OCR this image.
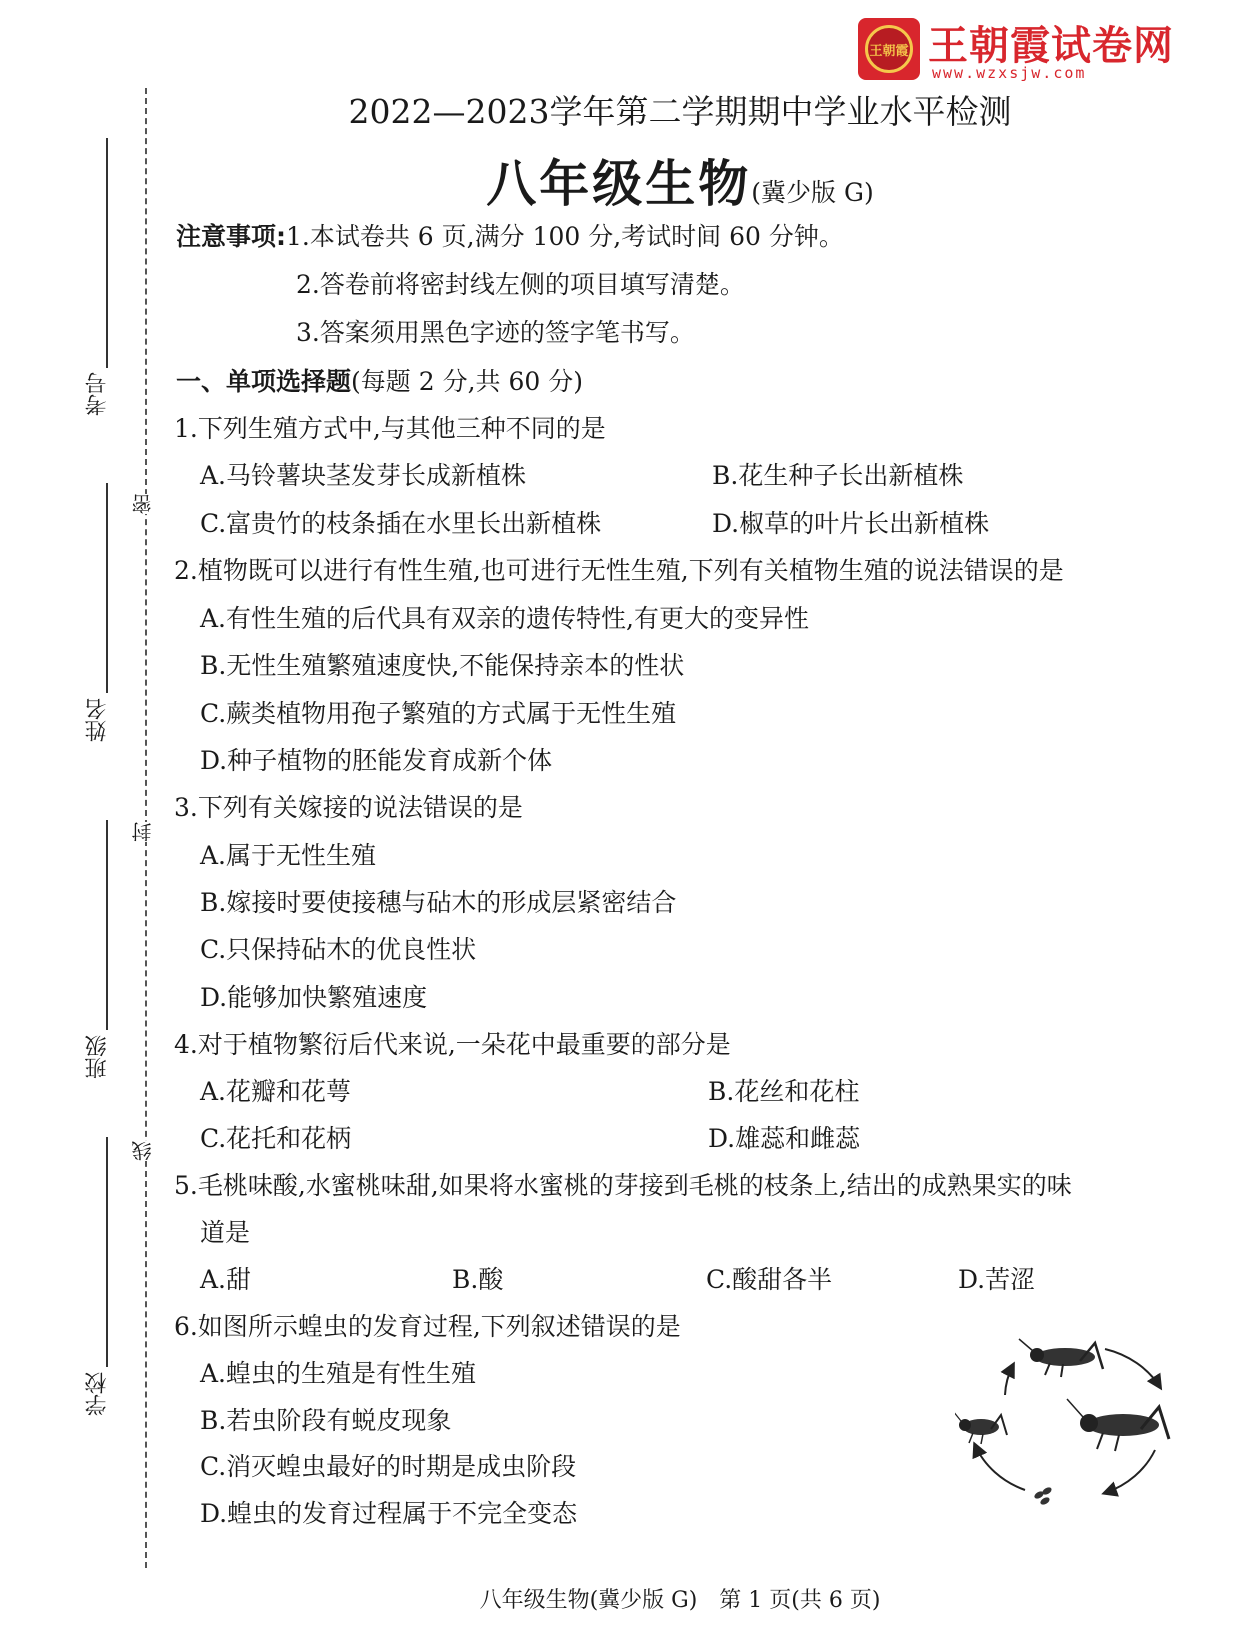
王朝霞 王朝霞试卷网
www.wzxsjw.com
考号
姓名
班级
学校
密
封
线
2022—2023学年第二学期期中学业水平检测
八年级生物(冀少版 G)
注意事项:1.本试卷共 6 页,满分 100 分,考试时间 60 分钟。
2.答卷前将密封线左侧的项目填写清楚。
3.答案须用黑色字迹的签字笔书写。
一、单项选择题(每题 2 分,共 60 分)
1.下列生殖方式中,与其他三种不同的是
A.马铃薯块茎发芽长成新植株	B.花生种子长出新植株
C.富贵竹的枝条插在水里长出新植株	D.椒草的叶片长出新植株
2.植物既可以进行有性生殖,也可进行无性生殖,下列有关植物生殖的说法错误的是
A.有性生殖的后代具有双亲的遗传特性,有更大的变异性
B.无性生殖繁殖速度快,不能保持亲本的性状
C.蕨类植物用孢子繁殖的方式属于无性生殖
D.种子植物的胚能发育成新个体
3.下列有关嫁接的说法错误的是
A.属于无性生殖
B.嫁接时要使接穗与砧木的形成层紧密结合
C.只保持砧木的优良性状
D.能够加快繁殖速度
4.对于植物繁衍后代来说,一朵花中最重要的部分是
A.花瓣和花萼	B.花丝和花柱
C.花托和花柄	D.雄蕊和雌蕊
5.毛桃味酸,水蜜桃味甜,如果将水蜜桃的芽接到毛桃的枝条上,结出的成熟果实的味
道是
A.甜	B.酸	C.酸甜各半	D.苦涩
6.如图所示蝗虫的发育过程,下列叙述错误的是
A.蝗虫的生殖是有性生殖
B.若虫阶段有蜕皮现象
C.消灭蝗虫最好的时期是成虫阶段
D.蝗虫的发育过程属于不完全变态
八年级生物(冀少版 G)　第 1 页(共 6 页)
